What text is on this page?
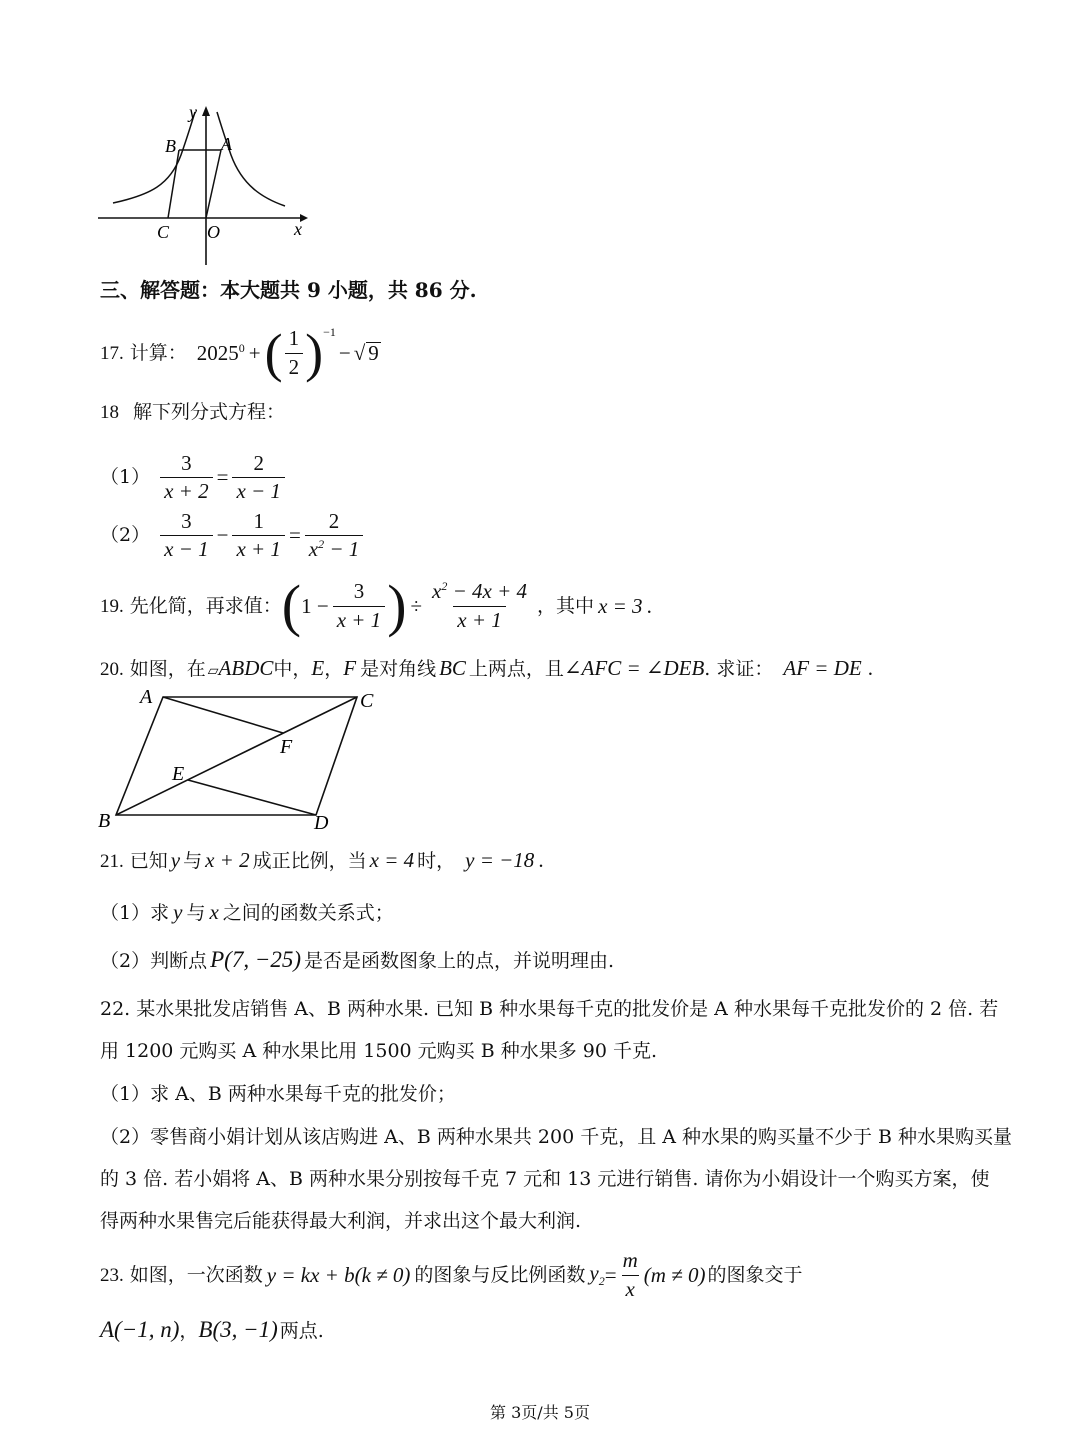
y
B	A
C O	x
三、解答题：本大题共 9 小题，共 86 分.
17. 计算： $2025^0$ + ( $\frac{1}{2} )^{-1}$
− √ 9
18 解下列分式方程：
$(1) \frac{3}{x + 2} = \frac{2}{x - 1}$
$(2) \frac{3}{x - 1} - \frac{1}{x + 1} = \frac{2}{x^2 - 1}$
19. 先化简，再求值： ( $1 - \frac{3}{x + 1}$ ) ÷ $\frac{x^2 - 4x + 4}{x + 1}$ ，其中 x = 3 .
20. 如图，在 ▱ABDC中，E，F 是对角线 BC 上两点，且∠AFC = ∠DEB. 求证： AF = DE .
A	C
F
E
B	D
21. 已知 y 与 x + 2 成正比例，当 x = 4 时， y = −18 .
（1）求 y 与 x 之间的函数关系式；
（2）判断点 P(7, −25) 是否是函数图象上的点，并说明理由.
22. 某水果批发店销售 A、B 两种水果. 已知 B 种水果每千克的批发价是 A 种水果每千克批发价的 2 倍. 若
用 1200 元购买 A 种水果比用 1500 元购买 B 种水果多 90 千克.
（1）求 A、B 两种水果每千克的批发价；
（2）零售商小娟计划从该店购进 A、B 两种水果共 200 千克，且 A 种水果的购买量不少于 B 种水果购买量
的 3 倍. 若小娟将 A、B 两种水果分别按每千克 7 元和 13 元进行销售. 请你为小娟设计一个购买方案，使
得两种水果售完后能获得最大利润，并求出这个最大利润.
23. 如图，一次函数 y = kx + b(k ≠ 0) 的图象与反比例函数 $y_2 = \frac{m}{x} (m \ne 0)$ 的图象交于
A(−1, n)，B(3, −1) 两点.
第 3页/共 5页
